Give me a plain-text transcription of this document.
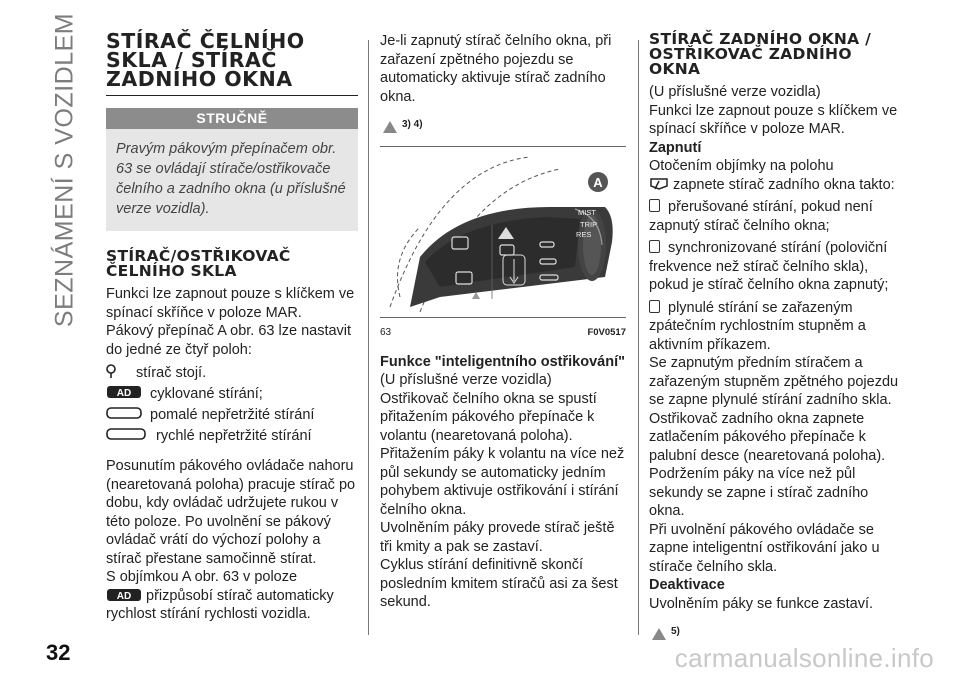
SEZNÁMENÍ S VOZIDLEM
32	carmanualsonline.info
STÍRAČ ČELNÍHO
SKLA / STÍRAČ
ZADNÍHO OKNA
STRUČNĚ
Pravým pákovým přepínačem obr. 63 se ovládají stírače/ostřikovače čelního a zadního okna (u příslušné verze vozidla).
STÍRAČ/OSTŘIKOVAČ
ČELNÍHO SKLA

Funkci lze zapnout pouze s klíčkem ve spínací skříňce v poloze MAR.

Pákový přepínač A obr. 63 lze nastavit do jedné ze čtyř poloh:

stírač stojí.
AD cyklované stírání;
pomalé nepřetržité stírání
rychlé nepřetržité stírání

Posunutím pákového ovládače nahoru (nearetovaná poloha) pracuje stírač po dobu, kdy ovládač udržujete rukou v této poloze. Po uvolnění se pákový ovládač vrátí do výchozí polohy a stírač přestane samočinně stírat.

S objímkou A obr. 63 v poloze

AD přizpůsobí stírač automaticky rychlost stírání rychlosti vozidla.

Je-li zapnutý stírač čelního okna, při zařazení zpětného pojezdu se automaticky aktivuje stírač zadního okna.

3) 4)
MIST
TRIP
RES
A
63	F0V0517

Funkce "inteligentního ostřikování"

(U příslušné verze vozidla)

Ostřikovač čelního okna se spustí přitažením pákového přepínače k volantu (nearetovaná poloha).

Přitažením páky k volantu na více než půl sekundy se automaticky jedním pohybem aktivuje ostřikování i stírání čelního okna.

Uvolněním páky provede stírač ještě tři kmity a pak se zastaví.

Cyklus stírání definitivně skončí posledním kmitem stíračů asi za šest sekund.

STÍRAČ ZADNÍHO OKNA /
OSTŘIKOVAČ ZADNÍHO
OKNA

(U příslušné verze vozidla)

Funkci lze zapnout pouze s klíčkem ve spínací skříňce v poloze MAR.

Zapnutí

Otočením objímky na polohu

zapnete stírač zadního okna takto:

přerušované stírání, pokud není zapnutý stírač čelního okna;

synchronizované stírání (poloviční frekvence než stírač čelního skla), pokud je stírač čelního okna zapnutý;

plynulé stírání se zařazeným zpátečním rychlostním stupněm a aktivním příkazem.

Se zapnutým předním stíračem a zařazeným stupněm zpětného pojezdu se zapne plynulé stírání zadního skla.

Ostřikovač zadního okna zapnete zatlačením pákového přepínače k palubní desce (nearetovaná poloha).

Podržením páky na více než půl sekundy se zapne i stírač zadního okna.

Při uvolnění pákového ovládače se zapne inteligentní ostřikování jako u stírače čelního skla.

Deaktivace

Uvolněním páky se funkce zastaví.

5)
